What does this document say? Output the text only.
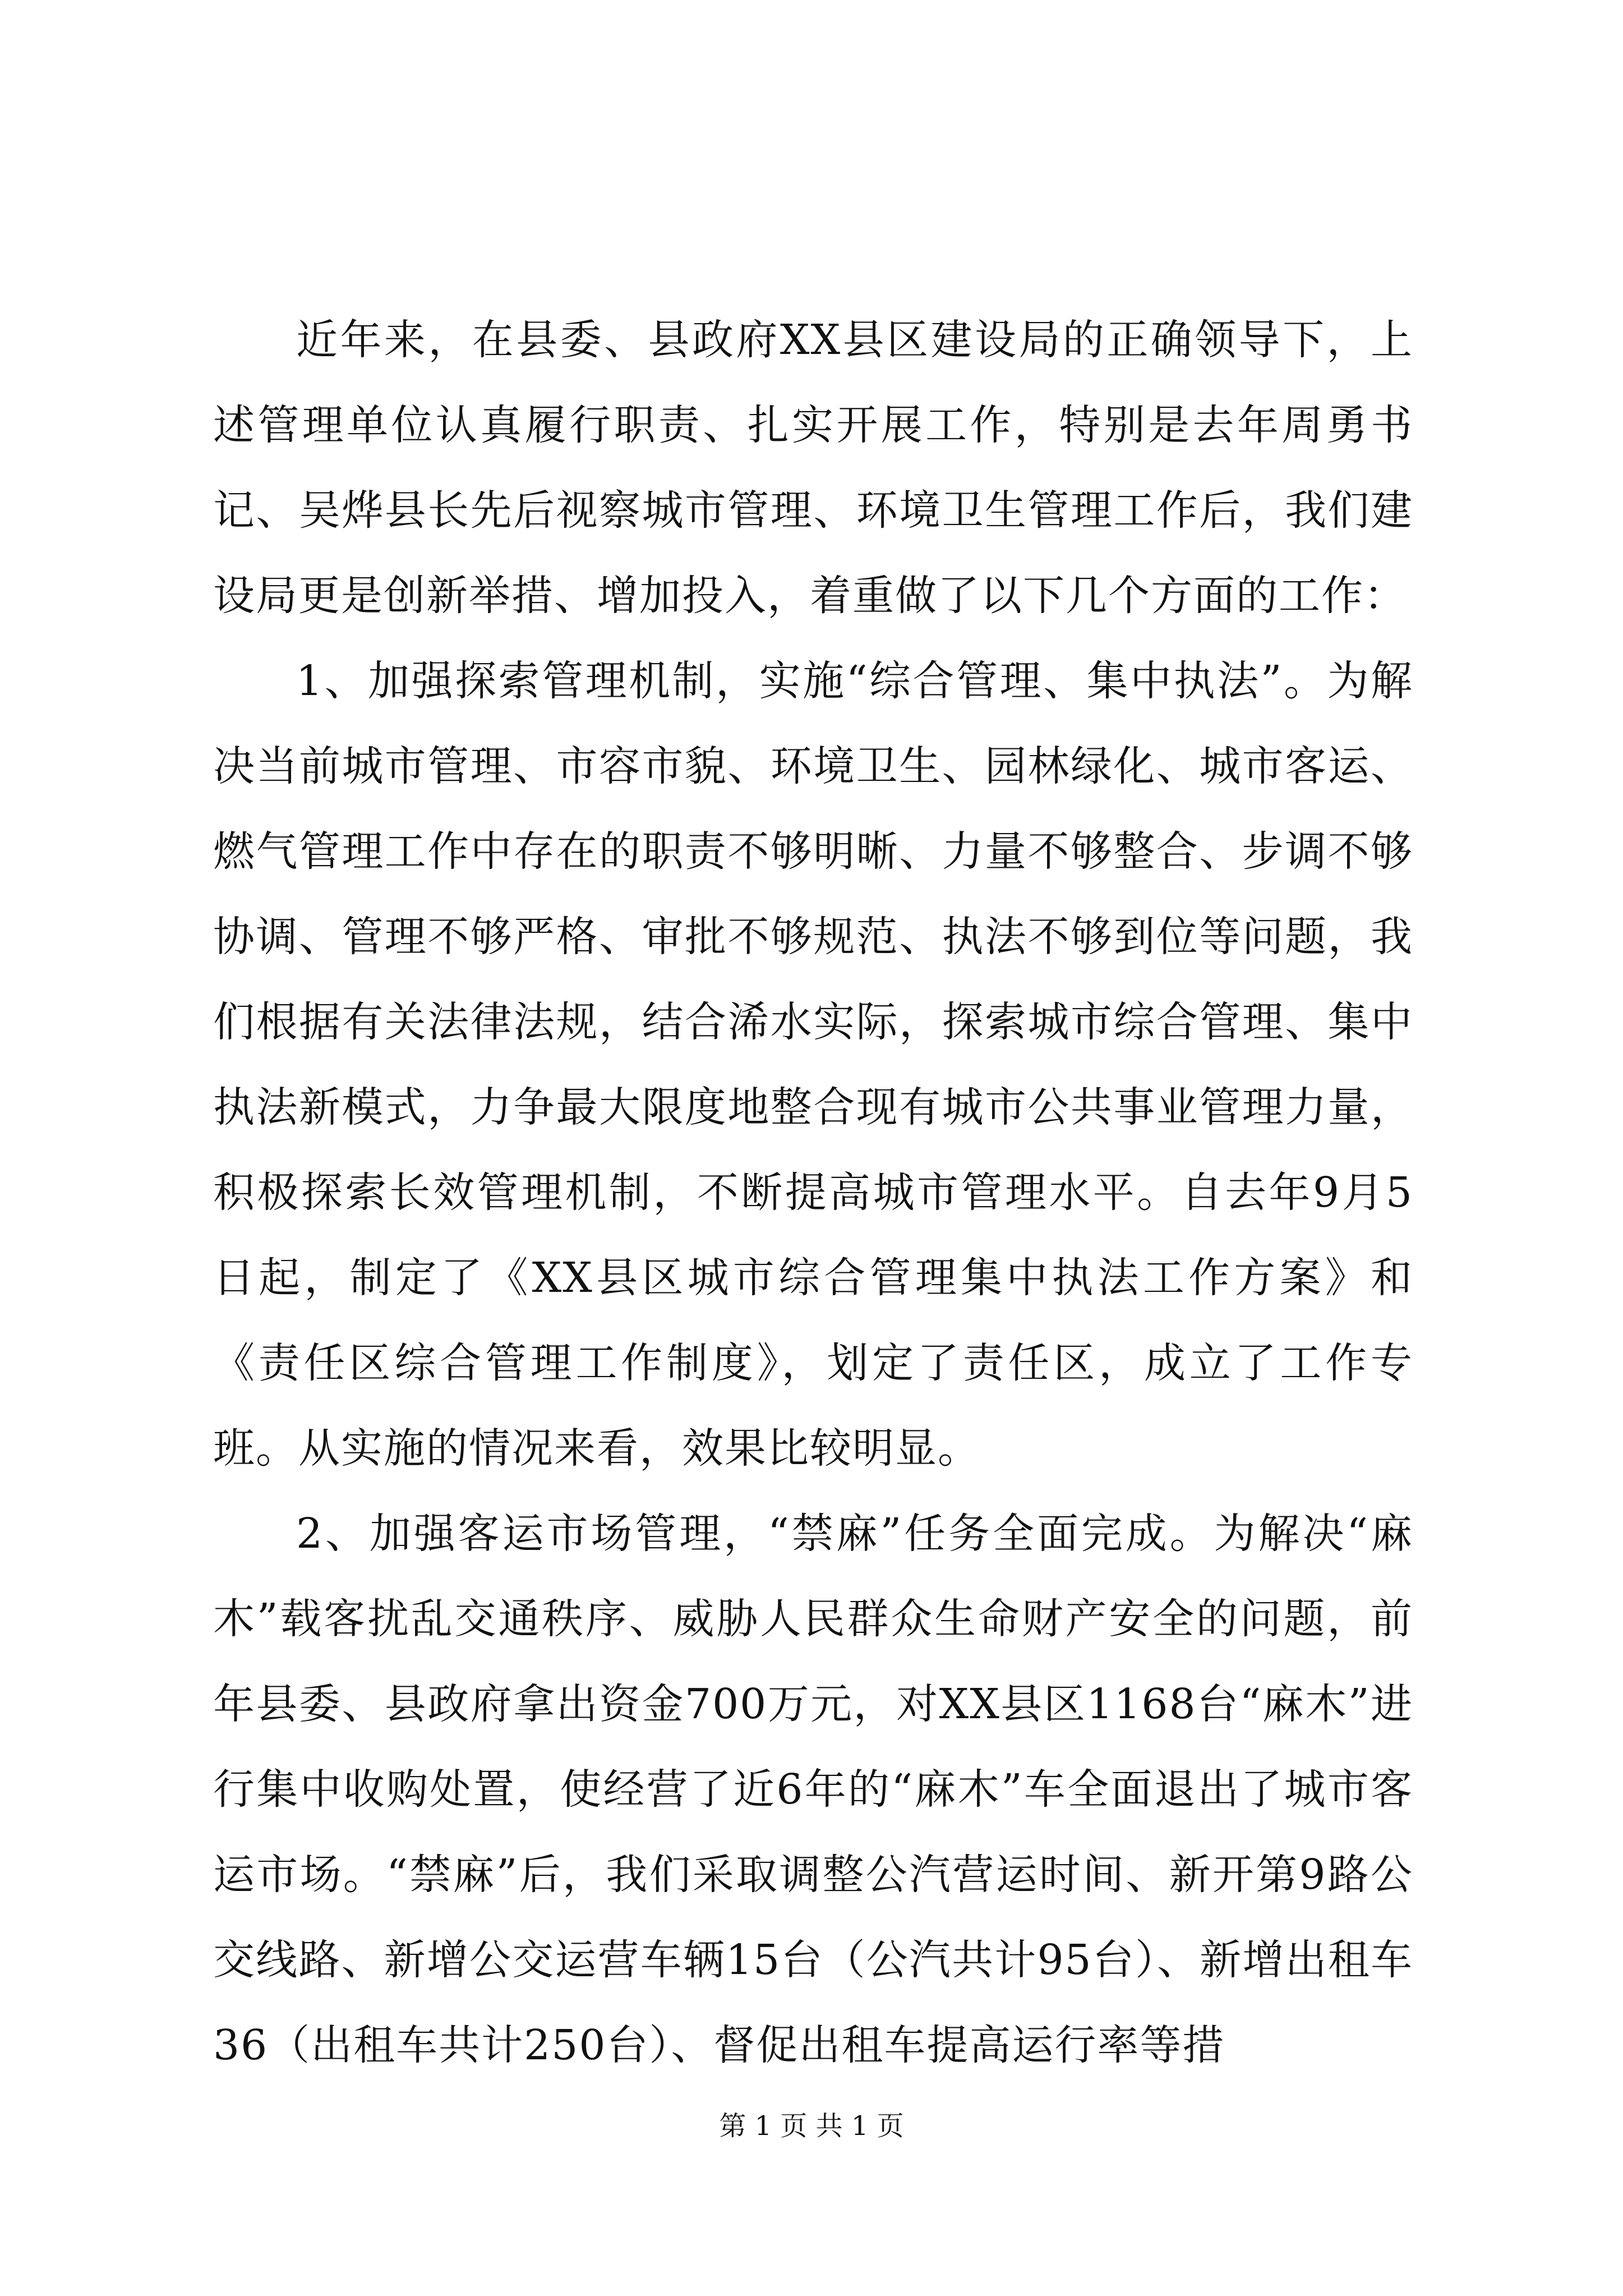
近年来，在县委、县政府XX县区建设局的正确领导下，上述管理单位认真履行职责、扎实开展工作，特别是去年周勇书记、吴烨县长先后视察城市管理、环境卫生管理工作后，我们建设局更是创新举措、增加投入，着重做了以下几个方面的工作：

1、加强探索管理机制，实施“综合管理、集中执法”。为解决当前城市管理、市容市貌、环境卫生、园林绿化、城市客运、燃气管理工作中存在的职责不够明晰、力量不够整合、步调不够协调、管理不够严格、审批不够规范、执法不够到位等问题，我们根据有关法律法规，结合浠水实际，探索城市综合管理、集中执法新模式，力争最大限度地整合现有城市公共事业管理力量，积极探索长效管理机制，不断提高城市管理水平。自去年9月5日起，制定了《XX县区城市综合管理集中执法工作方案》和《责任区综合管理工作制度》，划定了责任区，成立了工作专班。从实施的情况来看，效果比较明显。

2、加强客运市场管理，“禁麻”任务全面完成。为解决“麻木”载客扰乱交通秩序、威胁人民群众生命财产安全的问题，前年县委、县政府拿出资金700万元，对XX县区1168台“麻木”进行集中收购处置，使经营了近6年的“麻木”车全面退出了城市客运市场。“禁麻”后，我们采取调整公汽营运时间、新开第9路公交线路、新增公交运营车辆15台（公汽共计95台）、新增出租车36（出租车共计250台）、督促出租车提高运行率等措

第 1 页 共 1 页
